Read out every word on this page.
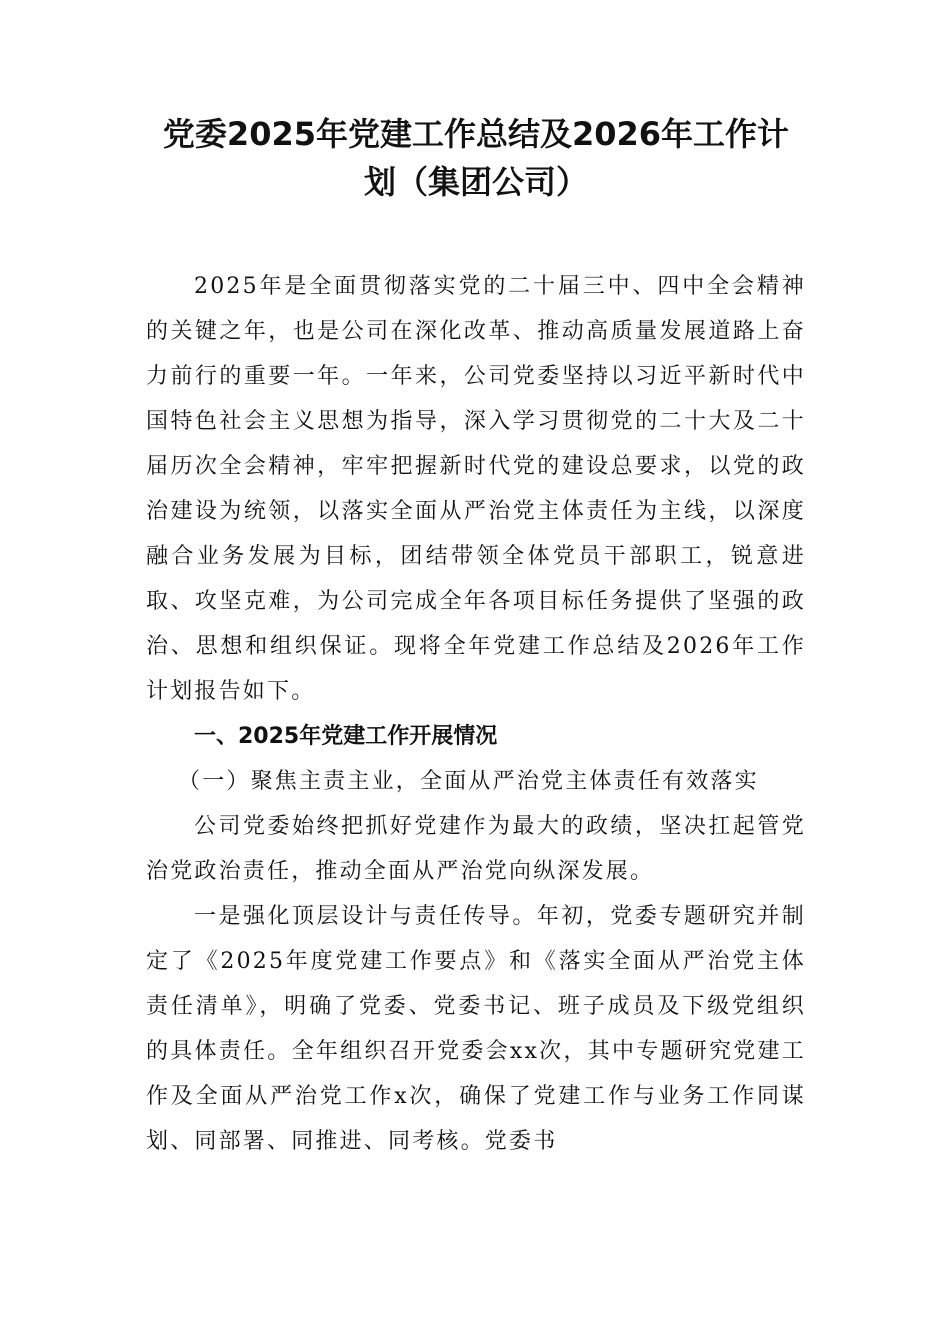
党委2025年党建工作总结及2026年工作计
划（集团公司）

2025年是全面贯彻落实党的二十届三中、四中全会精神的关键之年，也是公司在深化改革、推动高质量发展道路上奋力前行的重要一年。一年来，公司党委坚持以习近平新时代中国特色社会主义思想为指导，深入学习贯彻党的二十大及二十届历次全会精神，牢牢把握新时代党的建设总要求，以党的政治建设为统领，以落实全面从严治党主体责任为主线，以深度融合业务发展为目标，团结带领全体党员干部职工，锐意进取、攻坚克难，为公司完成全年各项目标任务提供了坚强的政治、思想和组织保证。现将全年党建工作总结及2026年工作计划报告如下。

一、2025年党建工作开展情况

（一）聚焦主责主业，全面从严治党主体责任有效落实

公司党委始终把抓好党建作为最大的政绩，坚决扛起管党治党政治责任，推动全面从严治党向纵深发展。

一是强化顶层设计与责任传导。年初，党委专题研究并制定了《2025年度党建工作要点》和《落实全面从严治党主体责任清单》，明确了党委、党委书记、班子成员及下级党组织的具体责任。全年组织召开党委会xx次，其中专题研究党建工作及全面从严治党工作x次，确保了党建工作与业务工作同谋划、同部署、同推进、同考核。党委书
